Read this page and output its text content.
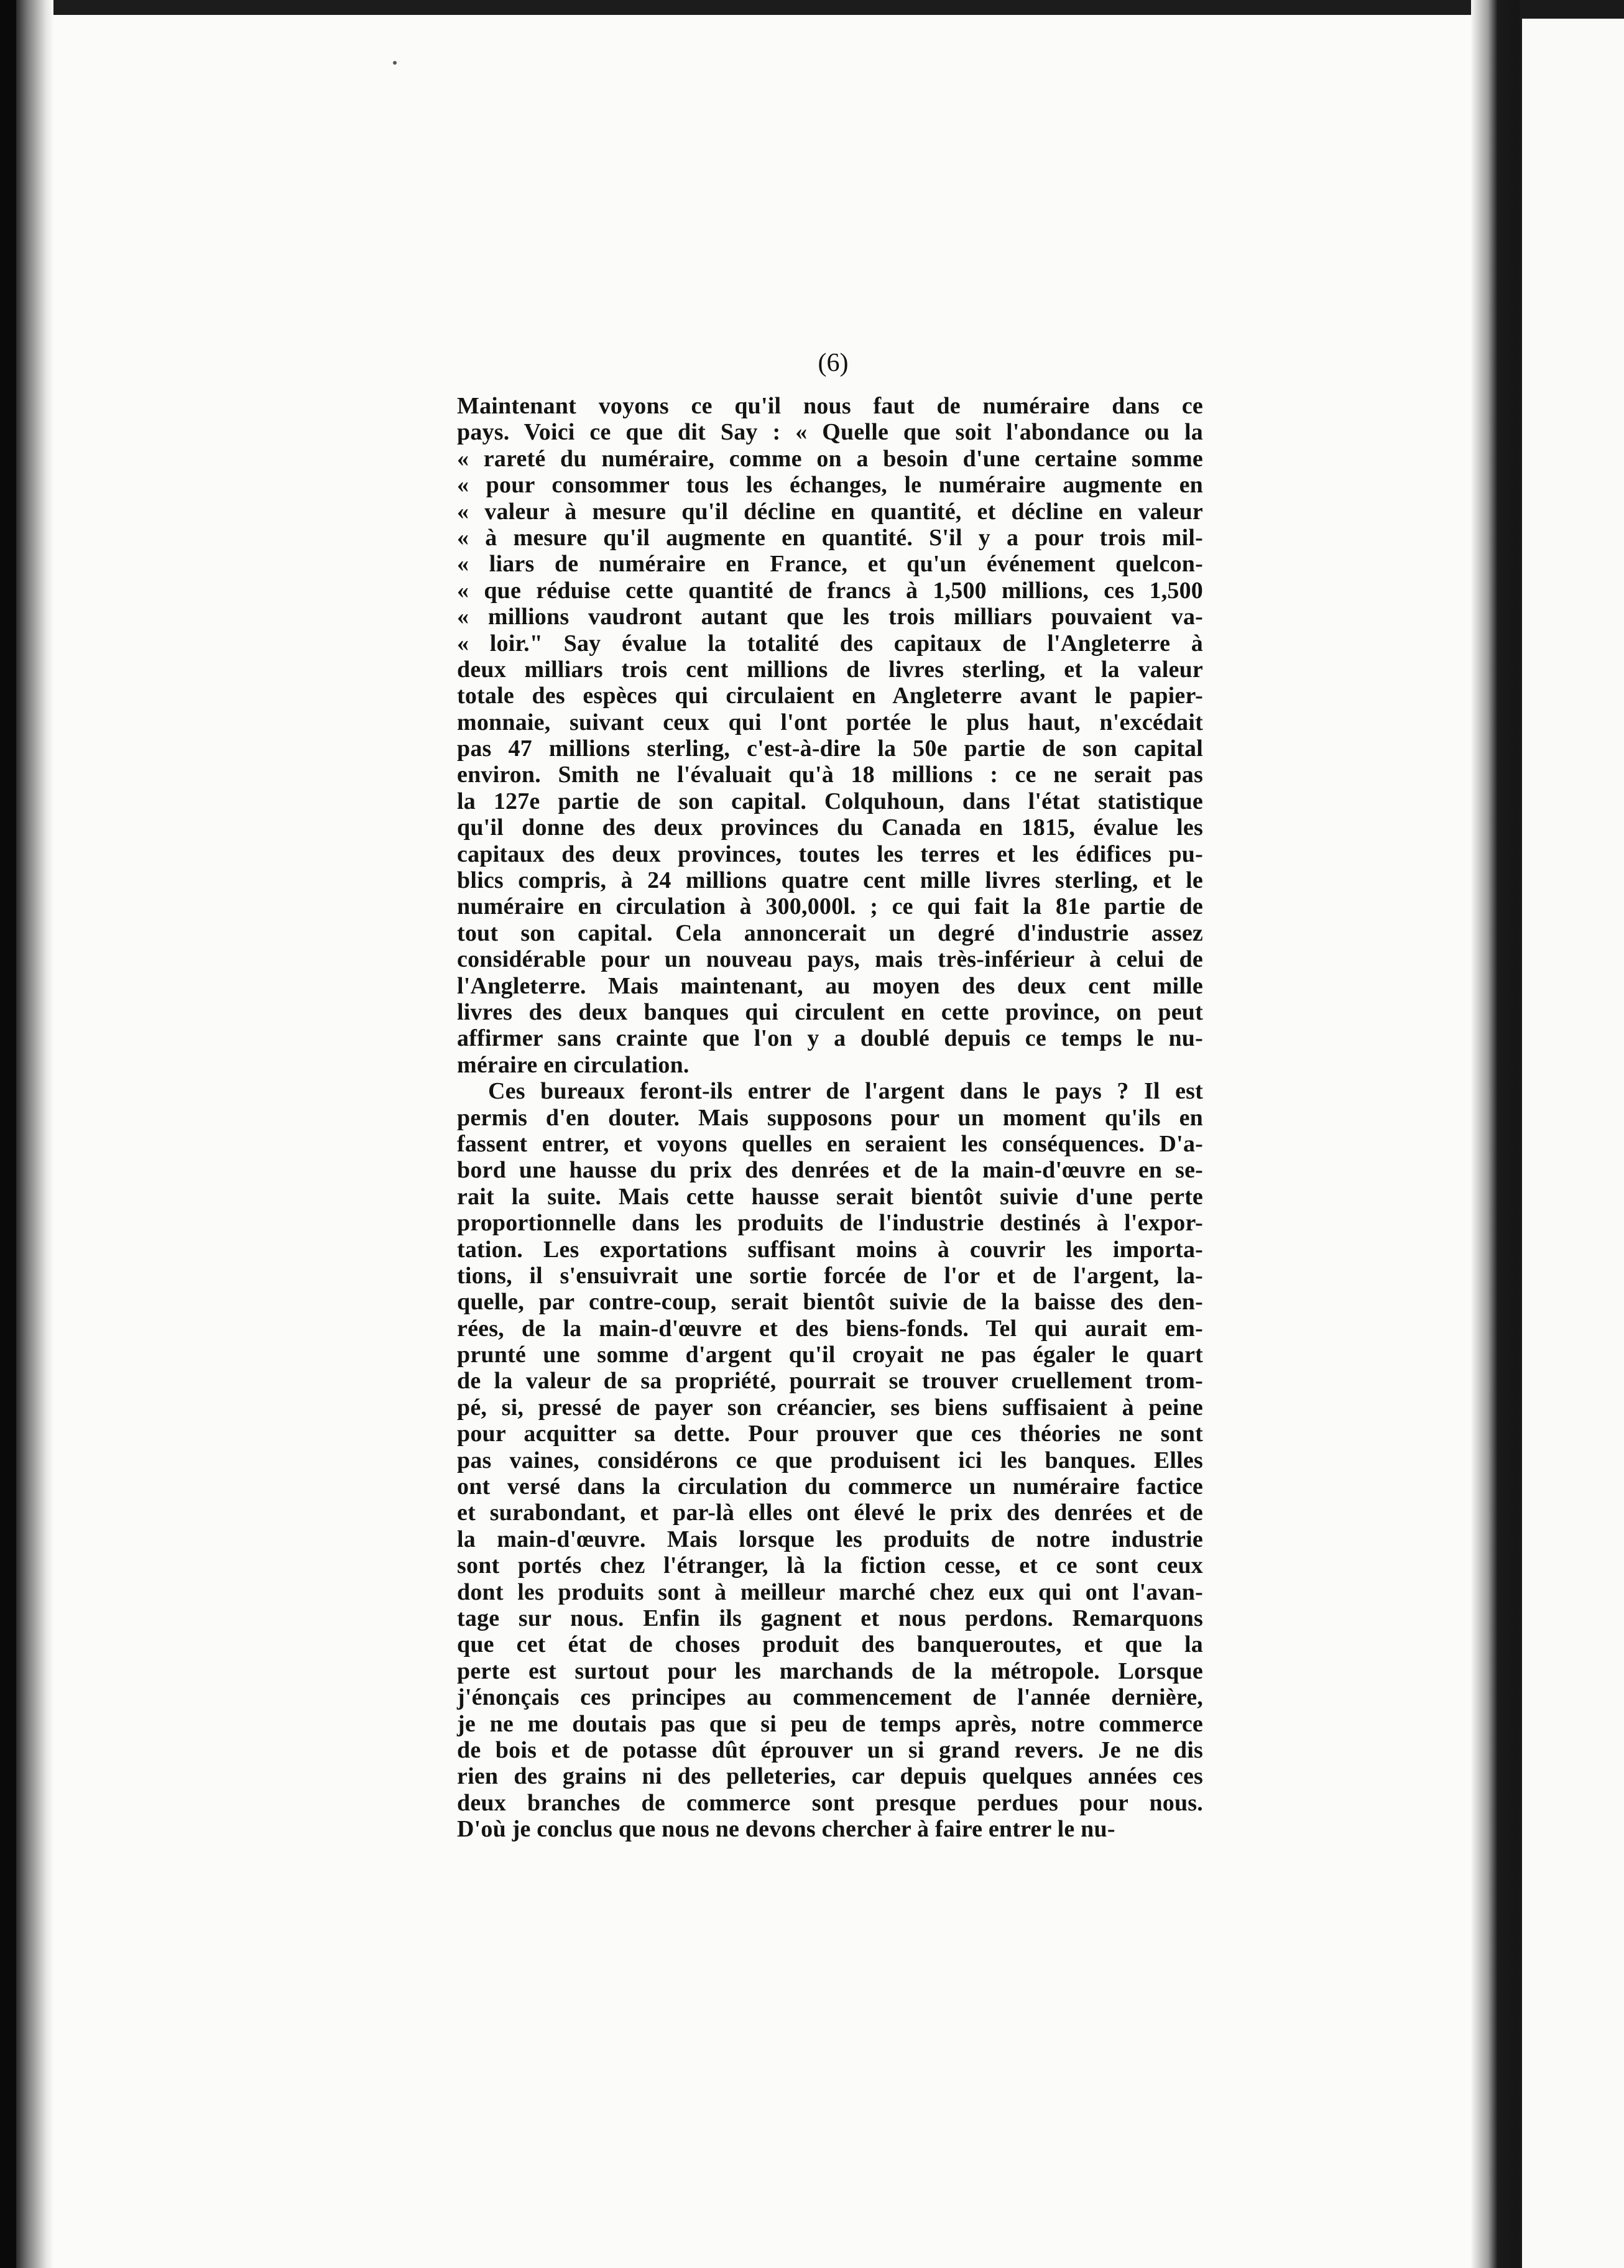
(6)
Maintenant voyons ce qu'il nous faut de numéraire dans ce
pays. Voici ce que dit Say : « Quelle que soit l'abondance ou la
« rareté du numéraire, comme on a besoin d'une certaine somme
« pour consommer tous les échanges, le numéraire augmente en
« valeur à mesure qu'il décline en quantité, et décline en valeur
« à mesure qu'il augmente en quantité. S'il y a pour trois mil-
« liars de numéraire en France, et qu'un événement quelcon-
« que réduise cette quantité de francs à 1,500 millions, ces 1,500
« millions vaudront autant que les trois milliars pouvaient va-
« loir." Say évalue la totalité des capitaux de l'Angleterre à
deux milliars trois cent millions de livres sterling, et la valeur
totale des espèces qui circulaient en Angleterre avant le papier-
monnaie, suivant ceux qui l'ont portée le plus haut, n'excédait
pas 47 millions sterling, c'est-à-dire la 50e partie de son capital
environ. Smith ne l'évaluait qu'à 18 millions : ce ne serait pas
la 127e partie de son capital. Colquhoun, dans l'état statistique
qu'il donne des deux provinces du Canada en 1815, évalue les
capitaux des deux provinces, toutes les terres et les édifices pu-
blics compris, à 24 millions quatre cent mille livres sterling, et le
numéraire en circulation à 300,000l. ; ce qui fait la 81e partie de
tout son capital. Cela annoncerait un degré d'industrie assez
considérable pour un nouveau pays, mais très-inférieur à celui de
l'Angleterre. Mais maintenant, au moyen des deux cent mille
livres des deux banques qui circulent en cette province, on peut
affirmer sans crainte que l'on y a doublé depuis ce temps le nu-
méraire en circulation.
Ces bureaux feront-ils entrer de l'argent dans le pays ? Il est
permis d'en douter. Mais supposons pour un moment qu'ils en
fassent entrer, et voyons quelles en seraient les conséquences. D'a-
bord une hausse du prix des denrées et de la main-d'œuvre en se-
rait la suite. Mais cette hausse serait bientôt suivie d'une perte
proportionnelle dans les produits de l'industrie destinés à l'expor-
tation. Les exportations suffisant moins à couvrir les importa-
tions, il s'ensuivrait une sortie forcée de l'or et de l'argent, la-
quelle, par contre-coup, serait bientôt suivie de la baisse des den-
rées, de la main-d'œuvre et des biens-fonds. Tel qui aurait em-
prunté une somme d'argent qu'il croyait ne pas égaler le quart
de la valeur de sa propriété, pourrait se trouver cruellement trom-
pé, si, pressé de payer son créancier, ses biens suffisaient à peine
pour acquitter sa dette. Pour prouver que ces théories ne sont
pas vaines, considérons ce que produisent ici les banques. Elles
ont versé dans la circulation du commerce un numéraire factice
et surabondant, et par-là elles ont élevé le prix des denrées et de
la main-d'œuvre. Mais lorsque les produits de notre industrie
sont portés chez l'étranger, là la fiction cesse, et ce sont ceux
dont les produits sont à meilleur marché chez eux qui ont l'avan-
tage sur nous. Enfin ils gagnent et nous perdons. Remarquons
que cet état de choses produit des banqueroutes, et que la
perte est surtout pour les marchands de la métropole. Lorsque
j'énonçais ces principes au commencement de l'année dernière,
je ne me doutais pas que si peu de temps après, notre commerce
de bois et de potasse dût éprouver un si grand revers. Je ne dis
rien des grains ni des pelleteries, car depuis quelques années ces
deux branches de commerce sont presque perdues pour nous.
D'où je conclus que nous ne devons chercher à faire entrer le nu-
